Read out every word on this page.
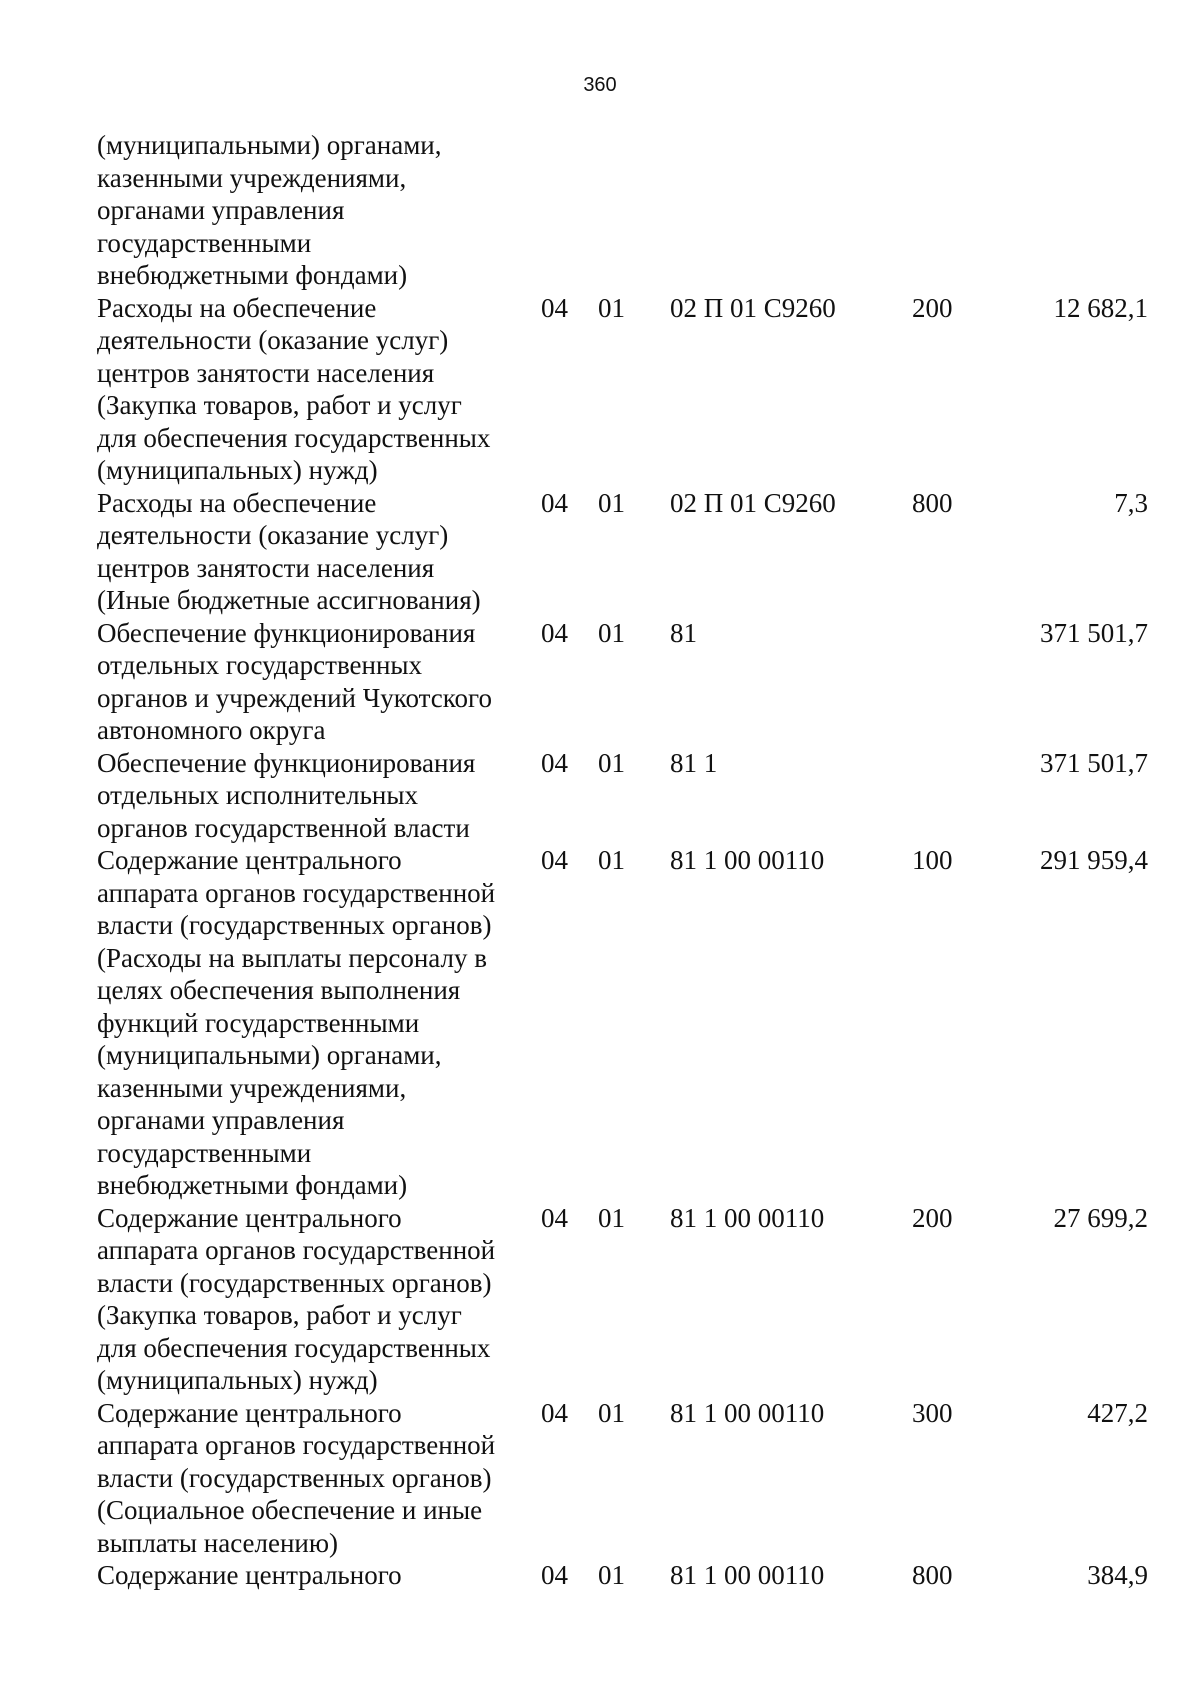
360
(муниципальными) органами,
казенными учреждениями,
органами управления
государственными
внебюджетными фондами)
Расходы на обеспечение
деятельности (оказание услуг)
центров занятости населения
(Закупка товаров, работ и услуг
для обеспечения государственных
(муниципальных) нужд)
04 01 02 П 01 С9260	200	12 682,1
Расходы на обеспечение
деятельности (оказание услуг)
центров занятости населения
(Иные бюджетные ассигнования)
04 01 02 П 01 С9260	800	7,3
Обеспечение функционирования
отдельных государственных
органов и учреждений Чукотского
автономного округа
04 01 81	371 501,7
Обеспечение функционирования
отдельных исполнительных
органов государственной власти
04 01 81 1	371 501,7
Содержание центрального
аппарата органов государственной
власти (государственных органов)
(Расходы на выплаты персоналу в
целях обеспечения выполнения
функций государственными
(муниципальными) органами,
казенными учреждениями,
органами управления
государственными
внебюджетными фондами)
04 01 81 1 00 00110	100	291 959,4
Содержание центрального
аппарата органов государственной
власти (государственных органов)
(Закупка товаров, работ и услуг
для обеспечения государственных
(муниципальных) нужд)
04 01 81 1 00 00110	200	27 699,2
Содержание центрального
аппарата органов государственной
власти (государственных органов)
(Социальное обеспечение и иные
выплаты населению)
04 01 81 1 00 00110	300	427,2
Содержание центрального	04 01 81 1 00 00110	800	384,9
